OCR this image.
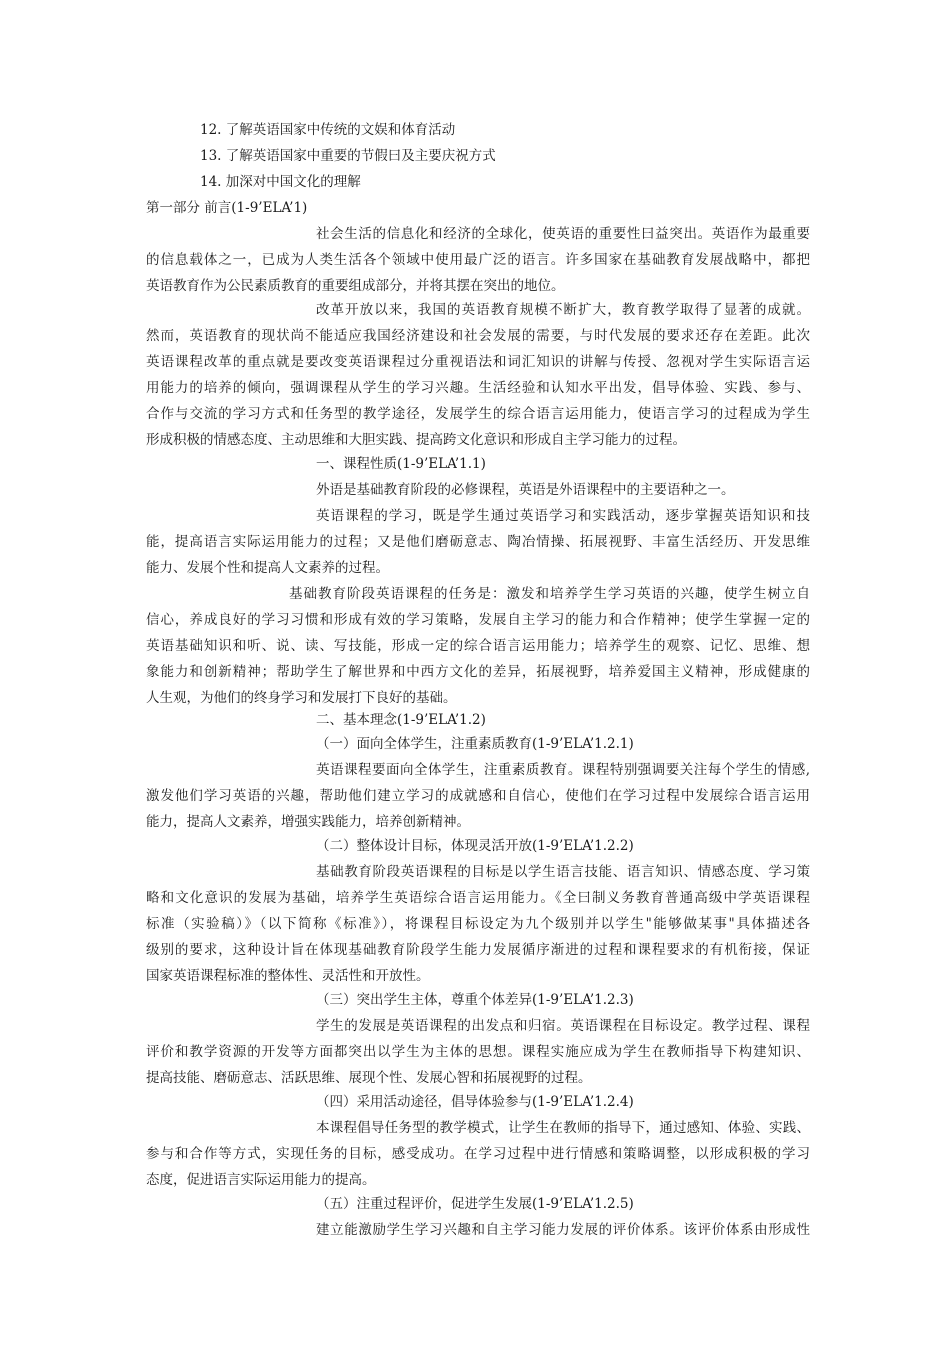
12. 了解英语国家中传统的文娱和体育活动
13. 了解英语国家中重要的节假曰及主要庆祝方式
14. 加深对中国文化的理解
第一部分 前言(1-9’ELA’1)
社会生活的信息化和经济的全球化，使英语的重要性曰益突出。英语作为最重要
的信息载体之一，已成为人类生活各个领域中使用最广泛的语言。许多国家在基础教育发展战略中，都把
英语教育作为公民素质教育的重要组成部分，并将其摆在突出的地位。
改革开放以来，我国的英语教育规模不断扩大，教育教学取得了显著的成就。
然而，英语教育的现状尚不能适应我国经济建设和社会发展的需要，与时代发展的要求还存在差距。此次
英语课程改革的重点就是要改变英语课程过分重视语法和词汇知识的讲解与传授、忽视对学生实际语言运
用能力的培养的倾向，强调课程从学生的学习兴趣。生活经验和认知水平出发，倡导体验、实践、参与、
合作与交流的学习方式和任务型的教学途径，发展学生的综合语言运用能力，使语言学习的过程成为学生
形成积极的情感态度、主动思维和大胆实践、提高跨文化意识和形成自主学习能力的过程。
一、课程性质(1-9’ELA’1.1)
外语是基础教育阶段的必修课程，英语是外语课程中的主要语种之一。
英语课程的学习，既是学生通过英语学习和实践活动，逐步掌握英语知识和技
能，提高语言实际运用能力的过程；又是他们磨砺意志、陶冶情操、拓展视野、丰富生活经历、开发思维
能力、发展个性和提高人文素养的过程。
基础教育阶段英语课程的任务是：激发和培养学生学习英语的兴趣，使学生树立自
信心，养成良好的学习习惯和形成有效的学习策略，发展自主学习的能力和合作精神；使学生掌握一定的
英语基础知识和听、说、读、写技能，形成一定的综合语言运用能力；培养学生的观察、记忆、思维、想
象能力和创新精神；帮助学生了解世界和中西方文化的差异，拓展视野，培养爱国主义精神，形成健康的
人生观，为他们的终身学习和发展打下良好的基础。
二、基本理念(1-9’ELA’1.2)
（一）面向全体学生，注重素质教育(1-9’ELA’1.2.1)
英语课程要面向全体学生，注重素质教育。课程特别强调要关注每个学生的情感,
激发他们学习英语的兴趣，帮助他们建立学习的成就感和自信心，使他们在学习过程中发展综合语言运用
能力，提高人文素养，增强实践能力，培养创新精神。
（二）整体设计目标，体现灵活开放(1-9’ELA’1.2.2)
基础教育阶段英语课程的目标是以学生语言技能、语言知识、情感态度、学习策
略和文化意识的发展为基础，培养学生英语综合语言运用能力。《全曰制义务教育普通高级中学英语课程
标准（实验稿）》（以下简称《标准》），将课程目标设定为九个级别并以学生"能够做某事"具体描述各
级别的要求，这种设计旨在体现基础教育阶段学生能力发展循序渐进的过程和课程要求的有机衔接，保证
国家英语课程标准的整体性、灵活性和开放性。
（三）突出学生主体，尊重个体差异(1-9’ELA’1.2.3)
学生的发展是英语课程的出发点和归宿。英语课程在目标设定。教学过程、课程
评价和教学资源的开发等方面都突出以学生为主体的思想。课程实施应成为学生在教师指导下构建知识、
提高技能、磨砺意志、活跃思维、展现个性、发展心智和拓展视野的过程。
（四）采用活动途径，倡导体验参与(1-9’ELA’1.2.4)
本课程倡导任务型的教学模式，让学生在教师的指导下，通过感知、体验、实践、
参与和合作等方式，实现任务的目标，感受成功。在学习过程中进行情感和策略调整，以形成积极的学习
态度，促进语言实际运用能力的提高。
（五）注重过程评价，促进学生发展(1-9’ELA’1.2.5)
建立能激励学生学习兴趣和自主学习能力发展的评价体系。该评价体系由形成性
